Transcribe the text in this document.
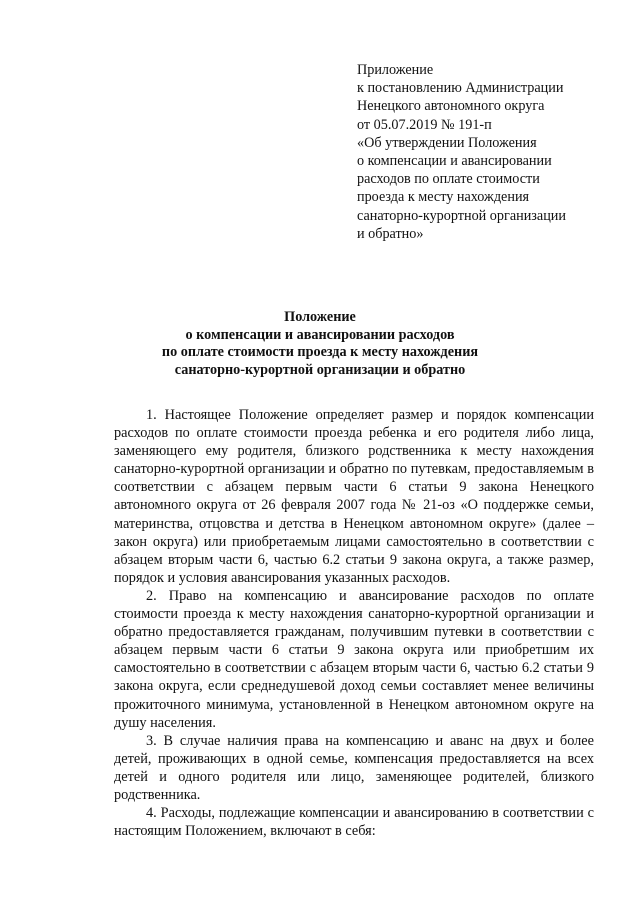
Приложение
к постановлению Администрации
Ненецкого автономного округа
от 05.07.2019 № 191-п
«Об утверждении Положения
о компенсации и авансировании
расходов по оплате стоимости
проезда к месту нахождения
санаторно-курортной организации
и обратно»
Положение
о компенсации и авансировании расходов
по оплате стоимости проезда к месту нахождения
санаторно-курортной организации и обратно

1. Настоящее Положение определяет размер и порядок компенсации расходов по оплате стоимости проезда ребенка и его родителя либо лица, заменяющего ему родителя, близкого родственника к месту нахождения санаторно-курортной организации и обратно по путевкам, предоставляемым в соответствии с абзацем первым части 6 статьи 9 закона Ненецкого автономного округа от 26 февраля 2007 года № 21-оз «О поддержке семьи, материнства, отцовства и детства в Ненецком автономном округе» (далее – закон округа) или приобретаемым лицами самостоятельно в соответствии с абзацем вторым части 6, частью 6.2 статьи 9 закона округа, а также размер, порядок и условия авансирования указанных расходов.

2. Право на компенсацию и авансирование расходов по оплате стоимости проезда к месту нахождения санаторно-курортной организации и обратно предоставляется гражданам, получившим путевки в соответствии с абзацем первым части 6 статьи 9 закона округа или приобретшим их самостоятельно в соответствии с абзацем вторым части 6, частью 6.2 статьи 9 закона округа, если среднедушевой доход семьи составляет менее величины прожиточного минимума, установленной в Ненецком автономном округе на душу населения.

3. В случае наличия права на компенсацию и аванс на двух и более детей, проживающих в одной семье, компенсация предоставляется на всех детей и одного родителя или лицо, заменяющее родителей, близкого родственника.

4. Расходы, подлежащие компенсации и авансированию в соответствии с настоящим Положением, включают в себя:
